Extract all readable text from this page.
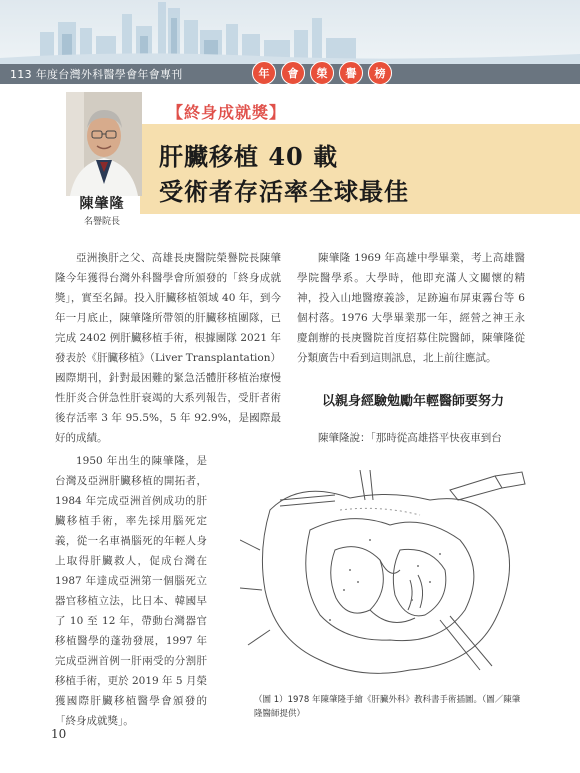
113 年度台灣外科醫學會年會專刊	年	會	榮	譽	榜
【終身成就獎】
肝臟移植 40 載
受術者存活率全球最佳
陳肇隆
名譽院長

亞洲換肝之父、高雄長庚醫院榮譽院長陳肇隆今年獲得台灣外科醫學會所頒發的「終身成就獎」，實至名歸。投入肝臟移植領域 40 年，到今年一月底止，陳肇隆所帶領的肝臟移植團隊，已完成 2402 例肝臟移植手術，根據團隊 2021 年發表於《肝臟移植》（Liver Transplantation）國際期刊，針對最困難的緊急活體肝移植治療慢性肝炎合併急性肝衰竭的大系列報告，受肝者術後存活率 3 年 95.5%，5 年 92.9%，是國際最好的成績。

1950 年出生的陳肇隆，是台灣及亞洲肝臟移植的開拓者，1984 年完成亞洲首例成功的肝臟移植手術，率先採用腦死定義，從一名車禍腦死的年輕人身上取得肝臟救人，促成台灣在 1987 年達成亞洲第一個腦死立器官移植立法，比日本、韓國早了 10 至 12 年，帶動台灣器官移植醫學的蓬勃發展，1997 年完成亞洲首例一肝兩受的分割肝移植手術，更於 2019 年 5 月榮獲國際肝臟移植醫學會頒發的「終身成就獎」。

陳肇隆 1969 年高雄中學畢業，考上高雄醫學院醫學系。大學時，他即充滿人文關懷的精神，投入山地醫療義診，足跡遍布屏東霧台等 6 個村落。1976 大學畢業那一年，經營之神王永慶創辦的長庚醫院首度招募住院醫師，陳肇隆從分類廣告中看到這則訊息，北上前往應試。

以親身經驗勉勵年輕醫師要努力

陳肇隆說：「那時從高雄搭平快夜車到台

（圖 1）1978 年陳肇隆手繪《肝臟外科》教科書手術插圖。（圖／陳肇隆醫師提供）
10
